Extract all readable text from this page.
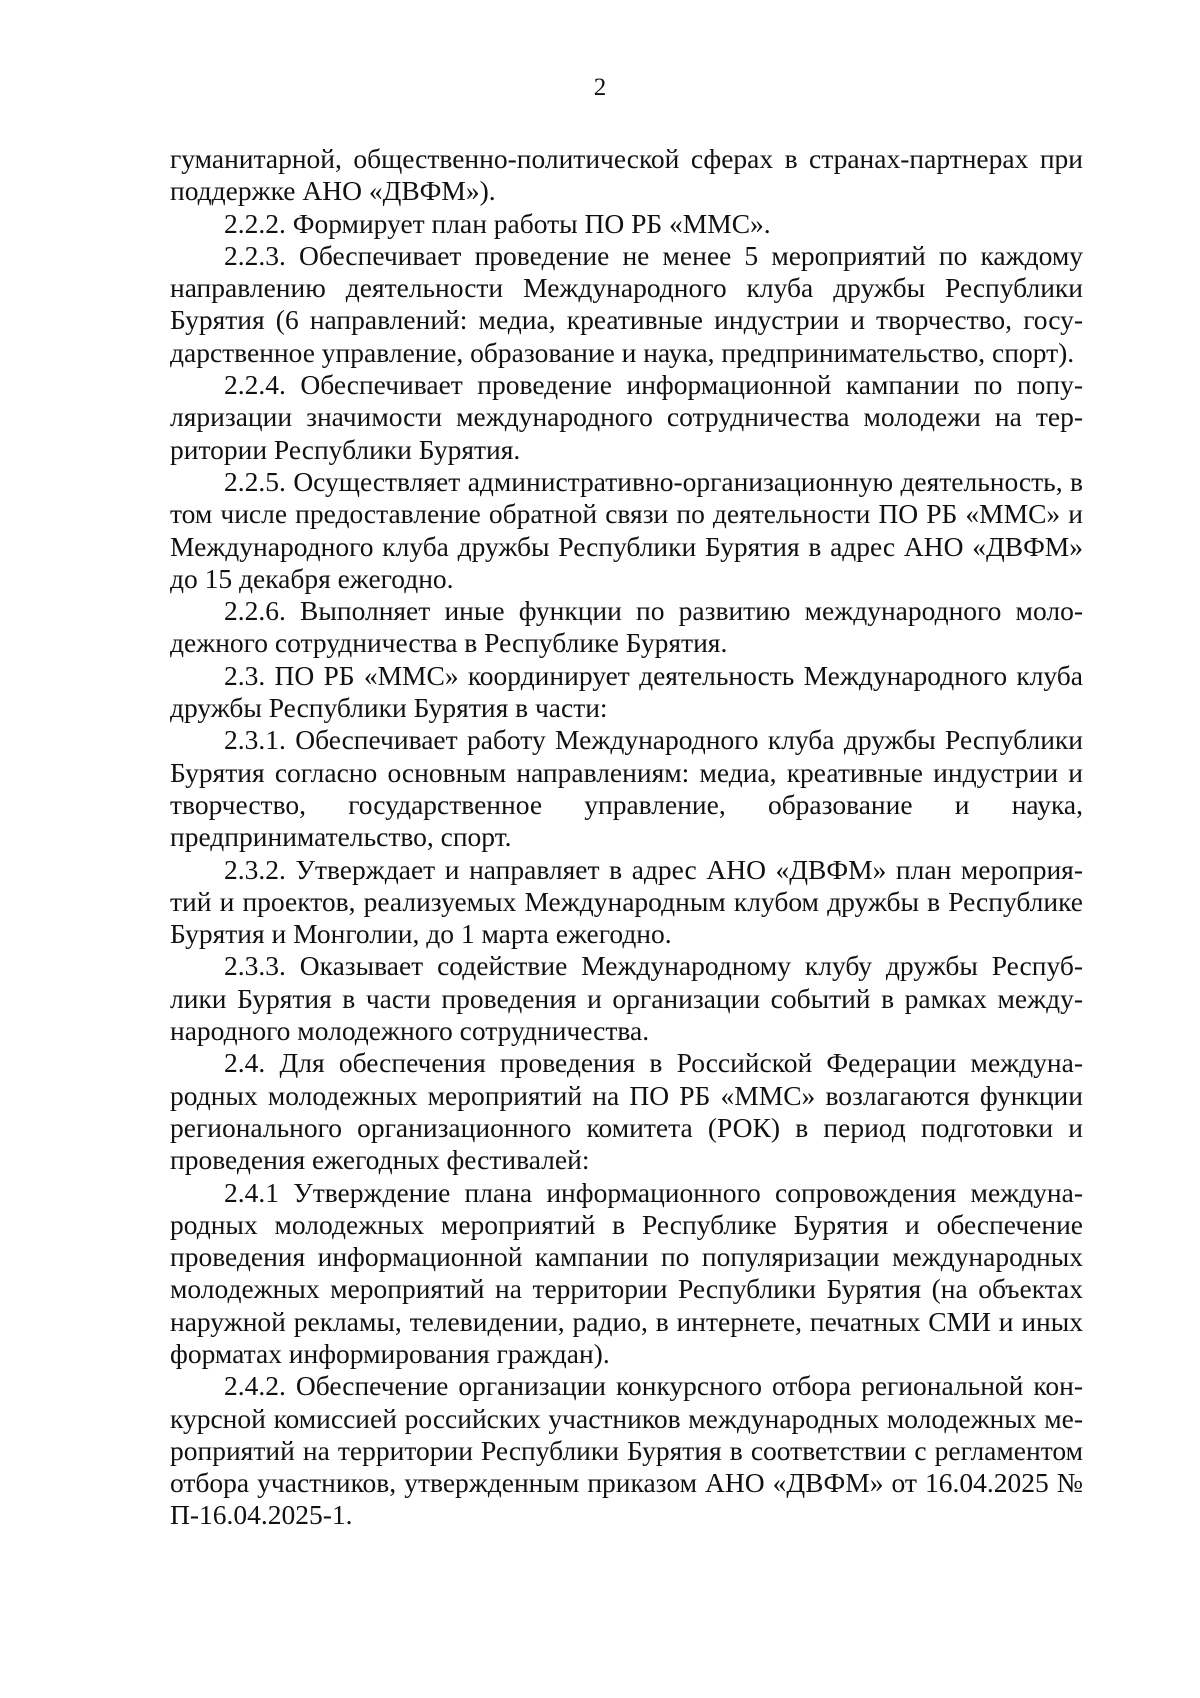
2

гуманитарной, общественно-политической сферах в странах-партнерах при поддержке АНО «ДВФМ»).

2.2.2. Формирует план работы ПО РБ «ММС».

2.2.3. Обеспечивает проведение не менее 5 мероприятий по каждому направлению деятельности Международного клуба дружбы Республики Бурятия (6 направлений: медиа, креативные индустрии и творчество, государственное управление, образование и наука, предпринимательство, спорт).

2.2.4. Обеспечивает проведение информационной кампании по популяризации значимости международного сотрудничества молодежи на территории Республики Бурятия.

2.2.5. Осуществляет административно-организационную деятельность, в том числе предоставление обратной связи по деятельности ПО РБ «ММС» и Международного клуба дружбы Республики Бурятия в адрес АНО «ДВФМ» до 15 декабря ежегодно.

2.2.6. Выполняет иные функции по развитию международного молодежного сотрудничества в Республике Бурятия.

2.3. ПО РБ «ММС» координирует деятельность Международного клуба дружбы Республики Бурятия в части:

2.3.1. Обеспечивает работу Международного клуба дружбы Республики Бурятия согласно основным направлениям: медиа, креативные индустрии и творчество, государственное управление, образование и наука, предпринимательство, спорт.

2.3.2. Утверждает и направляет в адрес АНО «ДВФМ» план мероприятий и проектов, реализуемых Международным клубом дружбы в Республике Бурятия и Монголии, до 1 марта ежегодно.

2.3.3. Оказывает содействие Международному клубу дружбы Республики Бурятия в части проведения и организации событий в рамках международного молодежного сотрудничества.

2.4. Для обеспечения проведения в Российской Федерации международных молодежных мероприятий на ПО РБ «ММС» возлагаются функции регионального организационного комитета (РОК) в период подготовки и проведения ежегодных фестивалей:

2.4.1 Утверждение плана информационного сопровождения международных молодежных мероприятий в Республике Бурятия и обеспечение проведения информационной кампании по популяризации международных молодежных мероприятий на территории Республики Бурятия (на объектах наружной рекламы, телевидении, радио, в интернете, печатных СМИ и иных форматах информирования граждан).

2.4.2. Обеспечение организации конкурсного отбора региональной конкурсной комиссией российских участников международных молодежных мероприятий на территории Республики Бурятия в соответствии с регламентом отбора участников, утвержденным приказом АНО «ДВФМ» от 16.04.2025 № П-16.04.2025-1.
